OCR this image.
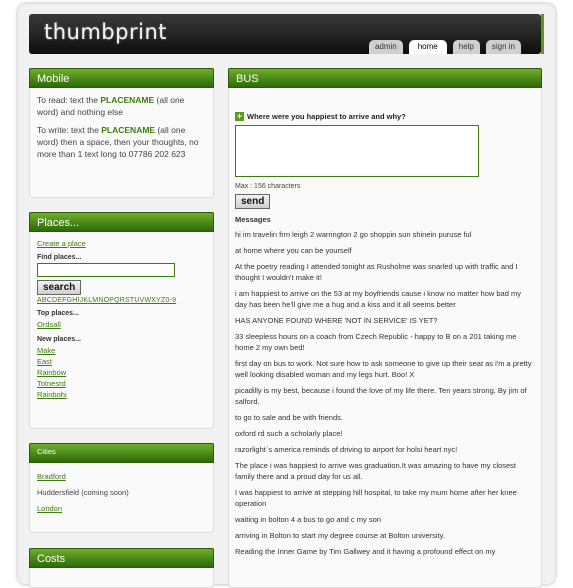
thumbprint
admin	home	help	sign in
Mobile

To read: text the PLACENAME (all one word) and nothing else

To write: text the PLACENAME (all one word) then a space, then your thoughts, no more than 1 text long to 07786 202 623

Places...
Create a place
Find places...
search
ABCDEFGHIJKLMNOPQRSTUVWXYZ0-9
Top places...
Ordsall
New places...
Make
East
Rainbow
Totnesrd
Rainbohi
Cities
Bradford
Huddersfield (coming soon)
London
Costs
BUS
+ Where were you happiest to arrive and why?
Max : 156 characters
send
Messages
hi im travelin frm leigh 2 warrington 2 go shoppin sun shinein puruse ful
at home where you can be yourself
At the poetry reading I attended tonight as Rusholme was snarled up with traffic and I thought I wouldn't make it!
i am happiest to arrive on the 53 at my boyfriends cause i know no matter how bad my day has been he'll give me a hug and a kiss and it all seems better
HAS ANYONE FOUND WHERE 'NOT IN SERVICE' IS YET?
33 sleepless hours on a coach from Czech Republic - happy to B on a 201 taking me home 2 my own bed!
first day on bus to work. Not sure how to ask someone to give up their seat as i'm a pretty well looking disabled woman and my legs hurt. Boo! X
picadilly is my best, because i found the love of my life there. Ten years strong. By jim of salford.
to go to sale and be with friends.
oxford rd such a scholarly place!
razorlight`s america reminds of driving to airport for holsi heart nyc!
The place i was happiest to arrive was graduation.It was amazing to have my closest family there and a proud day for us all.
I was happiest to arrive at stepping hill hospital, to take my mum home after her knee operation
waiting in bolton 4 a bus to go and c my son
arriving in Bolton to start my degree course at Bolton university.
Reading the Inner Game by Tim Gallwey and it having a profound effect on my
